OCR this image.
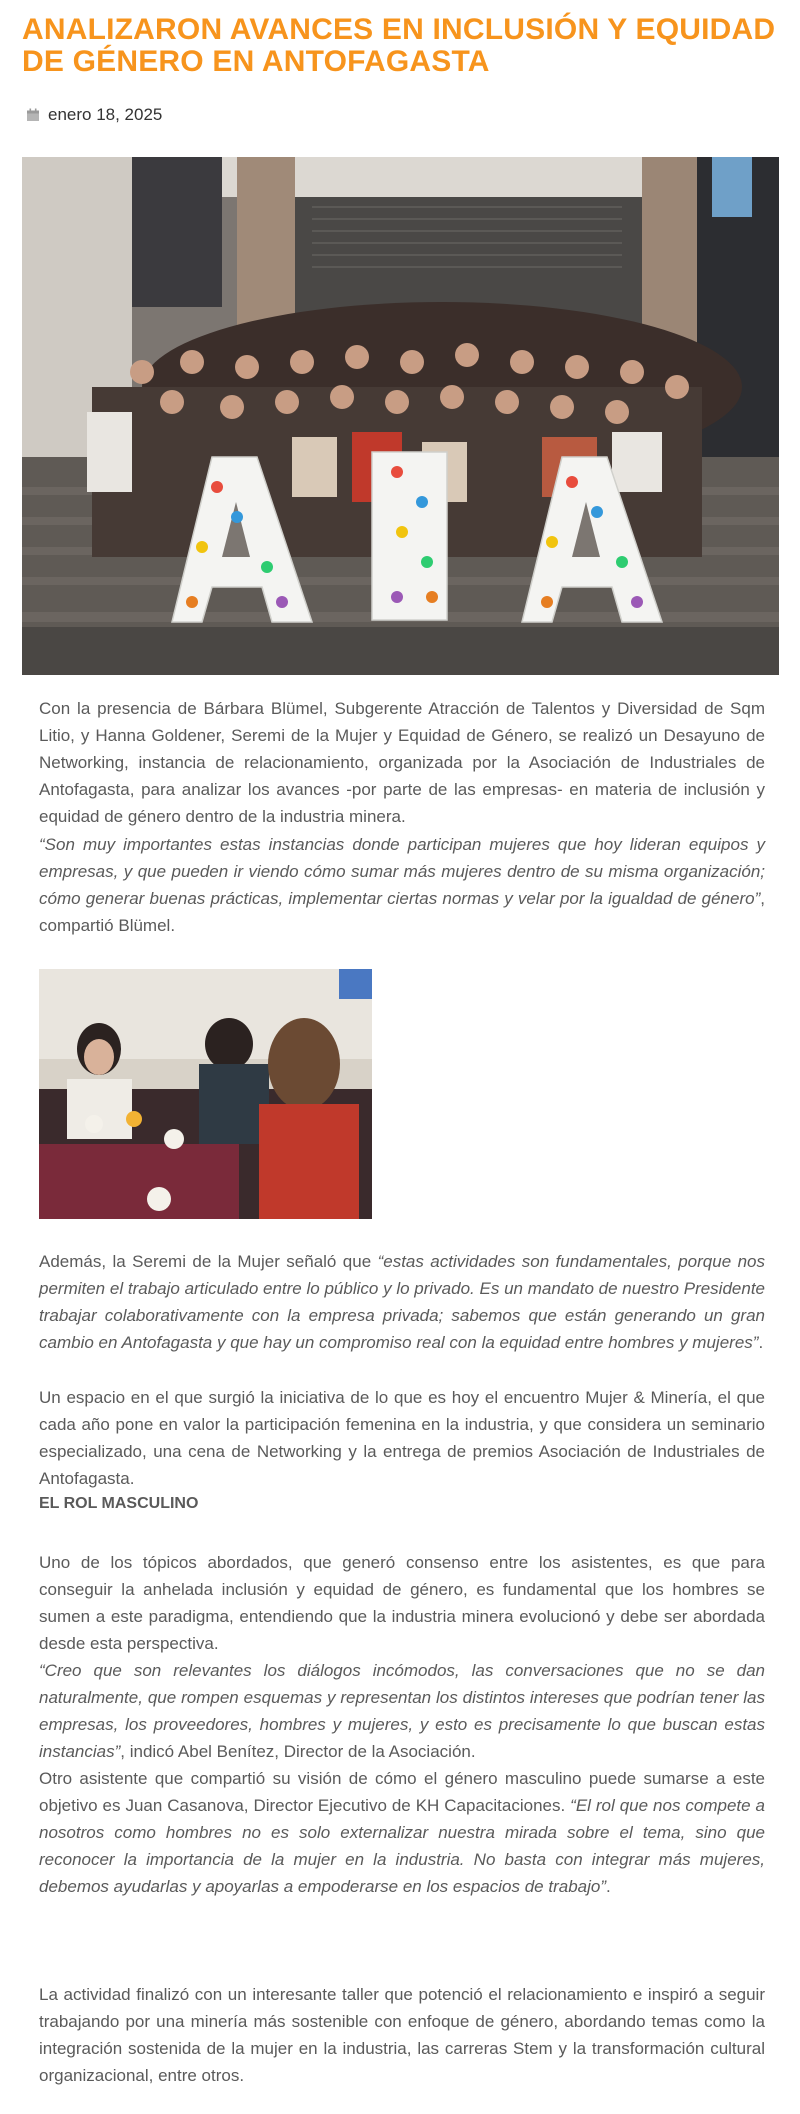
ANALIZARON AVANCES EN INCLUSIÓN Y EQUIDAD DE GÉNERO EN ANTOFAGASTA
enero 18, 2025

Con la presencia de Bárbara Blümel, Subgerente Atracción de Talentos y Diversidad de Sqm Litio, y Hanna Goldener, Seremi de la Mujer y Equidad de Género, se realizó un Desayuno de Networking, instancia de relacionamiento, organizada por la Asociación de Industriales de Antofagasta, para analizar los avances -por parte de las empresas- en materia de inclusión y equidad de género dentro de la industria minera.

“Son muy importantes estas instancias donde participan mujeres que hoy lideran equipos y empresas, y que pueden ir viendo cómo sumar más mujeres dentro de su misma organización; cómo generar buenas prácticas, implementar ciertas normas y velar por la igualdad de género”, compartió Blümel.

Además, la Seremi de la Mujer señaló que “estas actividades son fundamentales, porque nos permiten el trabajo articulado entre lo público y lo privado. Es un mandato de nuestro Presidente trabajar colaborativamente con la empresa privada; sabemos que están generando un gran cambio en Antofagasta y que hay un compromiso real con la equidad entre hombres y mujeres”.

Un espacio en el que surgió la iniciativa de lo que es hoy el encuentro Mujer & Minería, el que cada año pone en valor la participación femenina en la industria, y que considera un seminario especializado, una cena de Networking y la entrega de premios Asociación de Industriales de Antofagasta.

EL ROL MASCULINO

Uno de los tópicos abordados, que generó consenso entre los asistentes, es que para conseguir la anhelada inclusión y equidad de género, es fundamental que los hombres se sumen a este paradigma, entendiendo que la industria minera evolucionó y debe ser abordada desde esta perspectiva.

“Creo que son relevantes los diálogos incómodos, las conversaciones que no se dan naturalmente, que rompen esquemas y representan los distintos intereses que podrían tener las empresas, los proveedores, hombres y mujeres, y esto es precisamente lo que buscan estas instancias”, indicó Abel Benítez, Director de la Asociación.

Otro asistente que compartió su visión de cómo el género masculino puede sumarse a este objetivo es Juan Casanova, Director Ejecutivo de KH Capacitaciones. “El rol que nos compete a nosotros como hombres no es solo externalizar nuestra mirada sobre el tema, sino que reconocer la importancia de la mujer en la industria. No basta con integrar más mujeres, debemos ayudarlas y apoyarlas a empoderarse en los espacios de trabajo”.

La actividad finalizó con un interesante taller que potenció el relacionamiento e inspiró a seguir trabajando por una minería más sostenible con enfoque de género, abordando temas como la integración sostenida de la mujer en la industria, las carreras Stem y la transformación cultural organizacional, entre otros.
